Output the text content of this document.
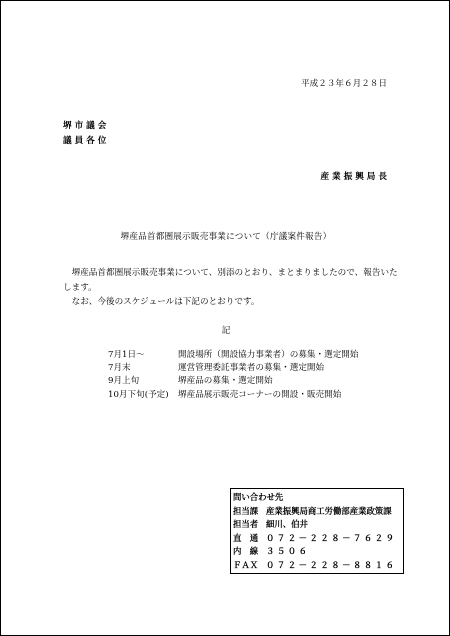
平成２３年６月２８日
堺 市 議 会
議 員 各 位
産 業 振 興 局 長
堺産品首都圏展示販売事業について（庁議案件報告）
　堺産品首都圏展示販売事業について、別添のとおり、まとまりましたので、報告いた
します。
　なお、今後のスケジュールは下記のとおりです。
記
7月1日～	開設場所（開設協力事業者）の募集・選定開始
7月末	運営管理委託事業者の募集・選定開始
9月上旬	堺産品の募集・選定開始
10月下旬(予定) 堺産品展示販売コーナーの開設・販売開始
問い合わせ先
担当課 産業振興局商工労働部産業政策課
担当者 細川、伯井
直　通 ０７２－２２８－７６２９
内　線 ３５０６
ＦＡＸ ０７２－２２８－８８１６
